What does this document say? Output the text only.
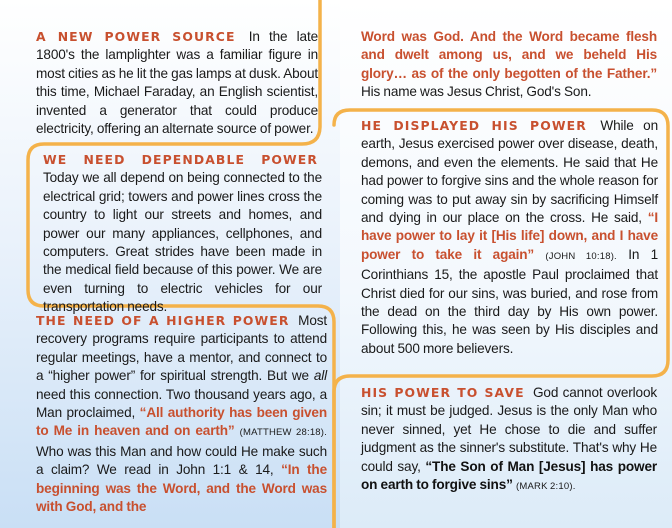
A NEW POWER SOURCE In the late 1800's the lamplighter was a familiar figure in most cities as he lit the gas lamps at dusk. About this time, Michael Faraday, an English scientist, invented a generator that could produce electricity, offering an alternate source of power.
WE NEED DEPENDABLE POWER Today we all depend on being connected to the electrical grid; towers and power lines cross the country to light our streets and homes, and power our many appliances, cellphones, and computers. Great strides have been made in the medical field because of this power. We are even turning to electric vehicles for our transportation needs.
THE NEED OF A HIGHER POWER Most recovery programs require participants to attend regular meetings, have a mentor, and connect to a “higher power” for spiritual strength. But we all need this connection. Two thousand years ago, a Man proclaimed, “All authority has been given to Me in heaven and on earth” (MATTHEW 28:18). Who was this Man and how could He make such a claim? We read in John 1:1 & 14, “In the beginning was the Word, and the Word was with God, and the
Word was God. And the Word became flesh and dwelt among us, and we beheld His glory… as of the only begotten of the Father.” His name was Jesus Christ, God's Son.
HE DISPLAYED HIS POWER While on earth, Jesus exercised power over disease, death, demons, and even the elements. He said that He had power to forgive sins and the whole reason for coming was to put away sin by sacrificing Himself and dying in our place on the cross. He said, “I have power to lay it [His life] down, and I have power to take it again” (JOHN 10:18). In 1 Corinthians 15, the apostle Paul proclaimed that Christ died for our sins, was buried, and rose from the dead on the third day by His own power. Following this, he was seen by His disciples and about 500 more believers.
HIS POWER TO SAVE God cannot overlook sin; it must be judged. Jesus is the only Man who never sinned, yet He chose to die and suffer judgment as the sinner's substitute. That's why He could say, “The Son of Man [Jesus] has power on earth to forgive sins” (MARK 2:10).
